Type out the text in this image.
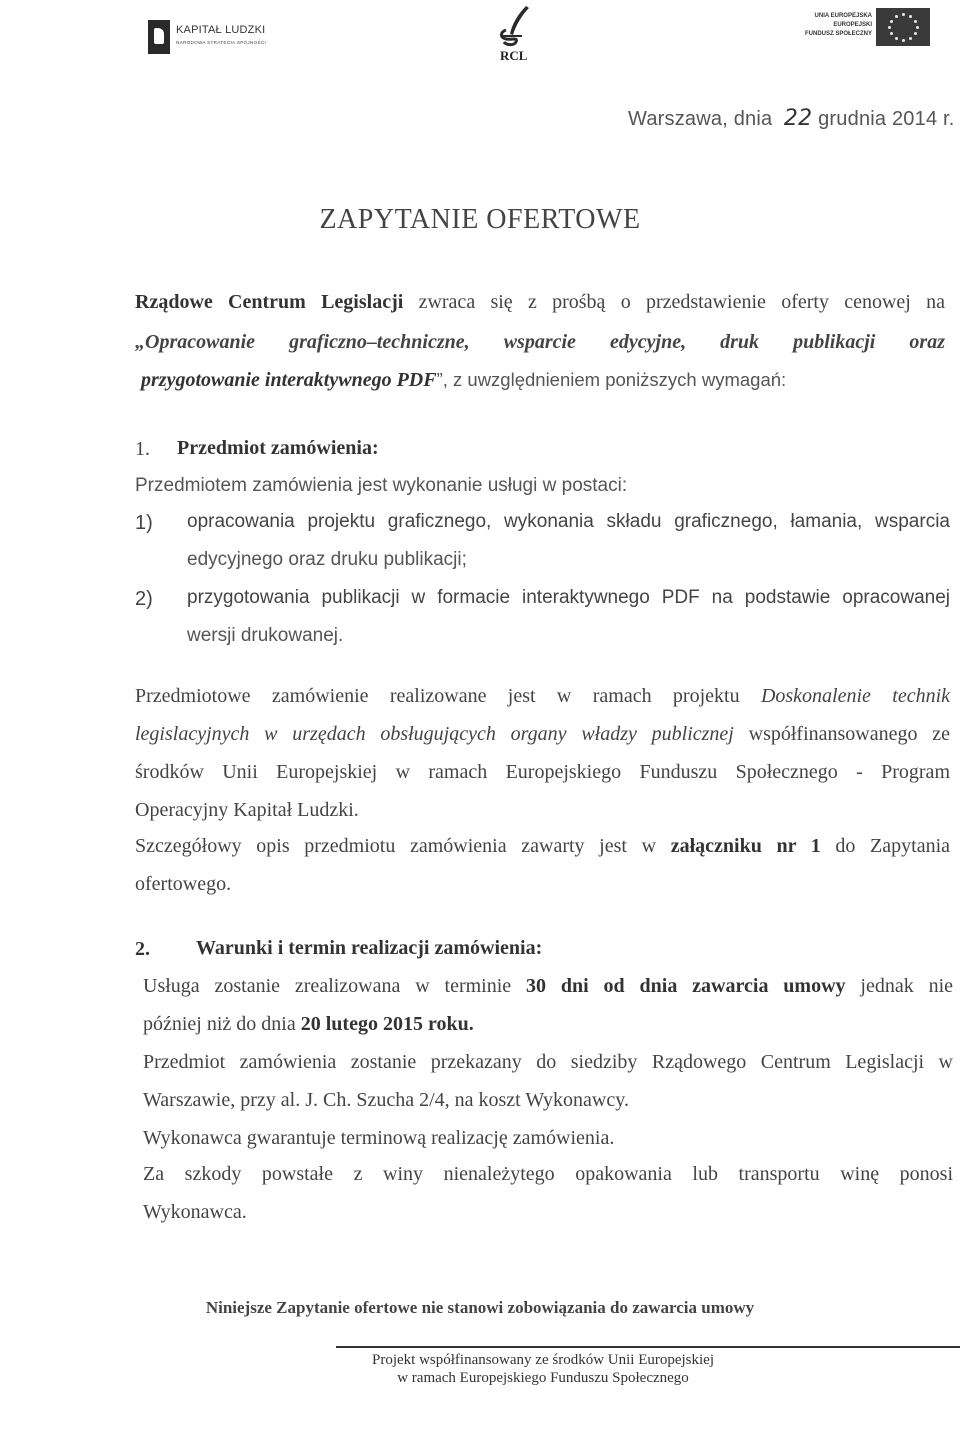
KAPITAŁ LUDZKI
NARODOWA STRATEGIA SPÓJNOŚCI
RCL
UNIA EUROPEJSKA
EUROPEJSKI
FUNDUSZ SPOŁECZNY
Warszawa, dnia 22 grudnia 2014 r.
ZAPYTANIE OFERTOWE
Rządowe Centrum Legislacji zwraca się z prośbą o przedstawienie oferty cenowej na
„Opracowanie graficzno–techniczne, wsparcie edycyjne, druk publikacji oraz
przygotowanie interaktywnego PDF”, z uwzględnieniem poniższych wymagań:
1. Przedmiot zamówienia:
Przedmiotem zamówienia jest wykonanie usługi w postaci:
1) opracowania projektu graficznego, wykonania składu graficznego, łamania, wsparcia
edycyjnego oraz druku publikacji;
2) przygotowania publikacji w formacie interaktywnego PDF na podstawie opracowanej
wersji drukowanej.
Przedmiotowe zamówienie realizowane jest w ramach projektu Doskonalenie technik
legislacyjnych w urzędach obsługujących organy władzy publicznej współfinansowanego ze
środków Unii Europejskiej w ramach Europejskiego Funduszu Społecznego - Program
Operacyjny Kapitał Ludzki.
Szczegółowy opis przedmiotu zamówienia zawarty jest w załączniku nr 1 do Zapytania
ofertowego.
2. Warunki i termin realizacji zamówienia:
Usługa zostanie zrealizowana w terminie 30 dni od dnia zawarcia umowy jednak nie
później niż do dnia 20 lutego 2015 roku.
Przedmiot zamówienia zostanie przekazany do siedziby Rządowego Centrum Legislacji w
Warszawie, przy al. J. Ch. Szucha 2/4, na koszt Wykonawcy.
Wykonawca gwarantuje terminową realizację zamówienia.
Za szkody powstałe z winy nienależytego opakowania lub transportu winę ponosi
Wykonawca.
Niniejsze Zapytanie ofertowe nie stanowi zobowiązania do zawarcia umowy
Projekt współfinansowany ze środków Unii Europejskiej
w ramach Europejskiego Funduszu Społecznego
